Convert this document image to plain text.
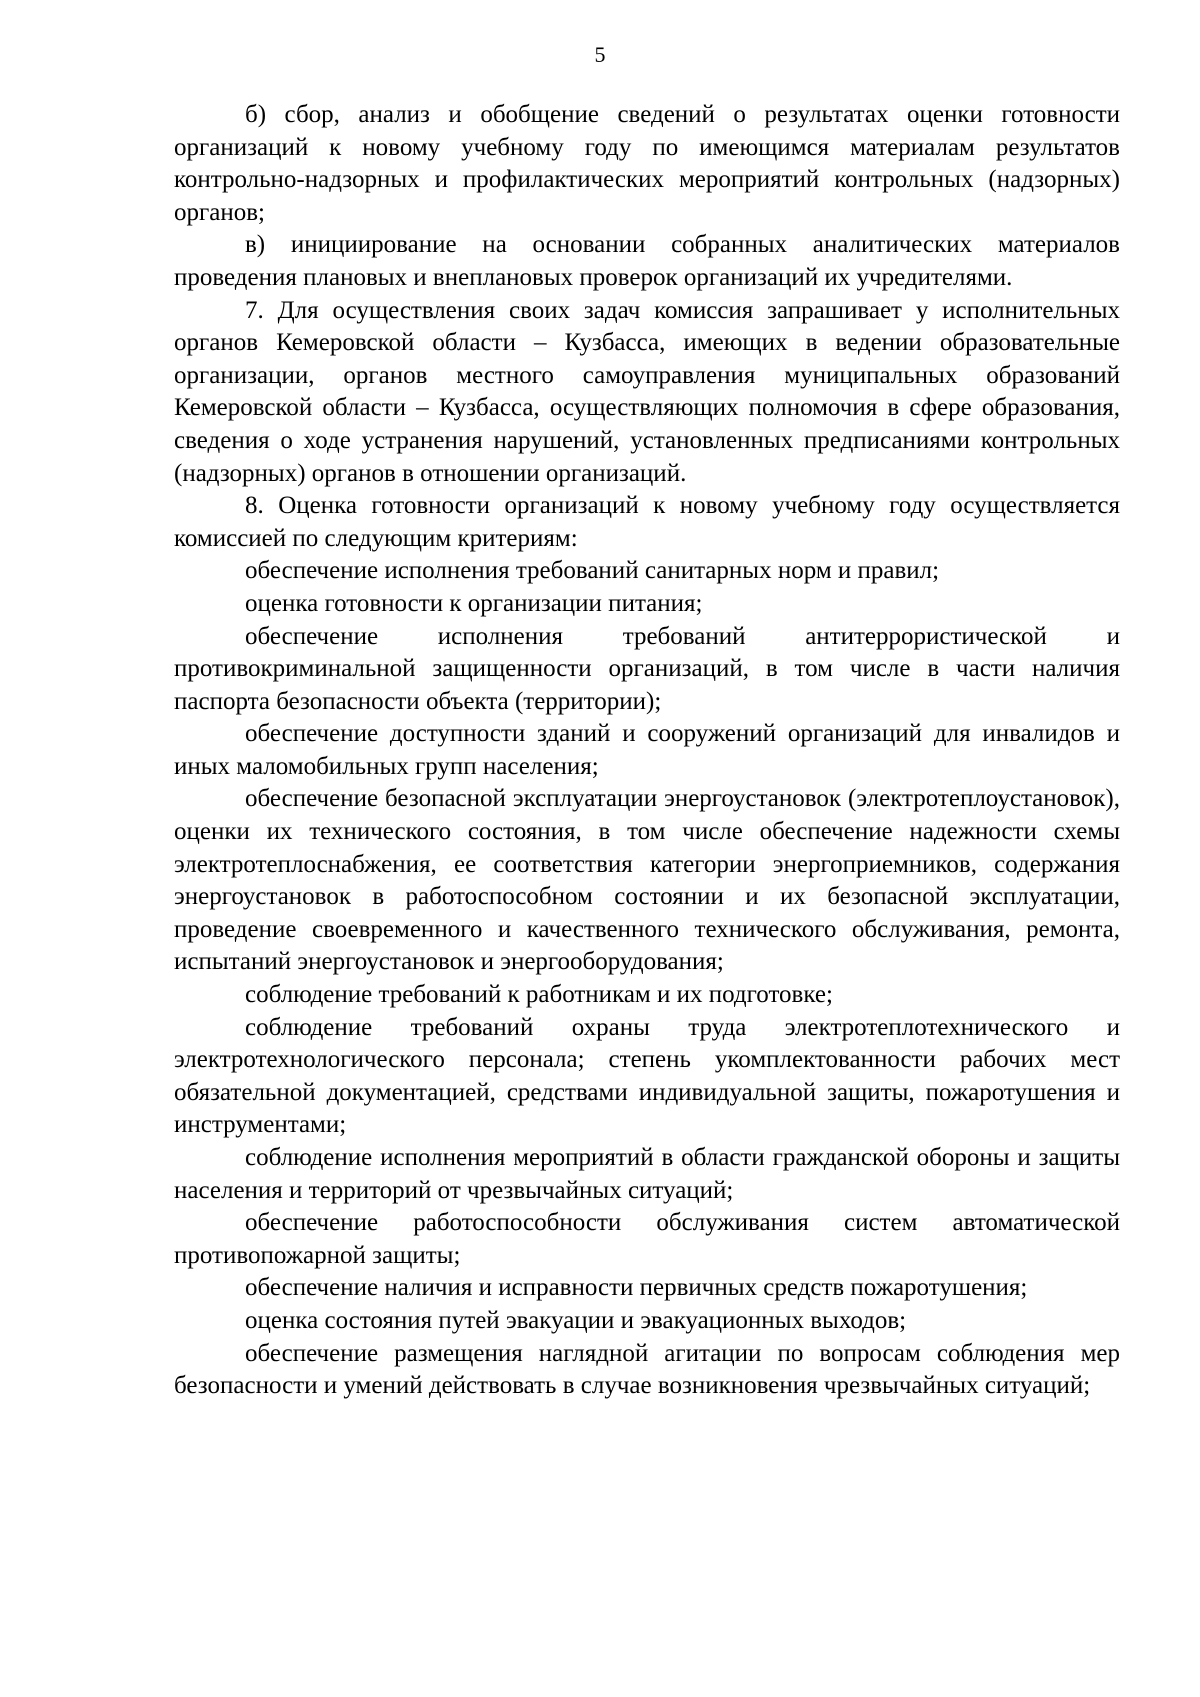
5

б) сбор, анализ и обобщение сведений о результатах оценки готовности организаций к новому учебному году по имеющимся материалам результатов контрольно-надзорных и профилактических мероприятий контрольных (надзорных) органов;

в) инициирование на основании собранных аналитических материалов проведения плановых и внеплановых проверок организаций их учредителями.

7. Для осуществления своих задач комиссия запрашивает у исполнительных органов Кемеровской области – Кузбасса, имеющих в ведении образовательные организации, органов местного самоуправления муниципальных образований Кемеровской области – Кузбасса, осуществляющих полномочия в сфере образования, сведения о ходе устранения нарушений, установленных предписаниями контрольных (надзорных) органов в отношении организаций.

8. Оценка готовности организаций к новому учебному году осуществляется комиссией по следующим критериям:

обеспечение исполнения требований санитарных норм и правил;

оценка готовности к организации питания;

обеспечение исполнения требований антитеррористической и противокриминальной защищенности организаций, в том числе в части наличия паспорта безопасности объекта (территории);

обеспечение доступности зданий и сооружений организаций для инвалидов и иных маломобильных групп населения;

обеспечение безопасной эксплуатации энергоустановок (электротеплоустановок), оценки их технического состояния, в том числе обеспечение надежности схемы электротеплоснабжения, ее соответствия категории энергоприемников, содержания энергоустановок в работоспособном состоянии и их безопасной эксплуатации, проведение своевременного и качественного технического обслуживания, ремонта, испытаний энергоустановок и энергооборудования;

соблюдение требований к работникам и их подготовке;

соблюдение требований охраны труда электротеплотехнического и электротехнологического персонала; степень укомплектованности рабочих мест обязательной документацией, средствами индивидуальной защиты, пожаротушения и инструментами;

соблюдение исполнения мероприятий в области гражданской обороны и защиты населения и территорий от чрезвычайных ситуаций;

обеспечение работоспособности обслуживания систем автоматической противопожарной защиты;

обеспечение наличия и исправности первичных средств пожаротушения;

оценка состояния путей эвакуации и эвакуационных выходов;

обеспечение размещения наглядной агитации по вопросам соблюдения мер безопасности и умений действовать в случае возникновения чрезвычайных ситуаций;
